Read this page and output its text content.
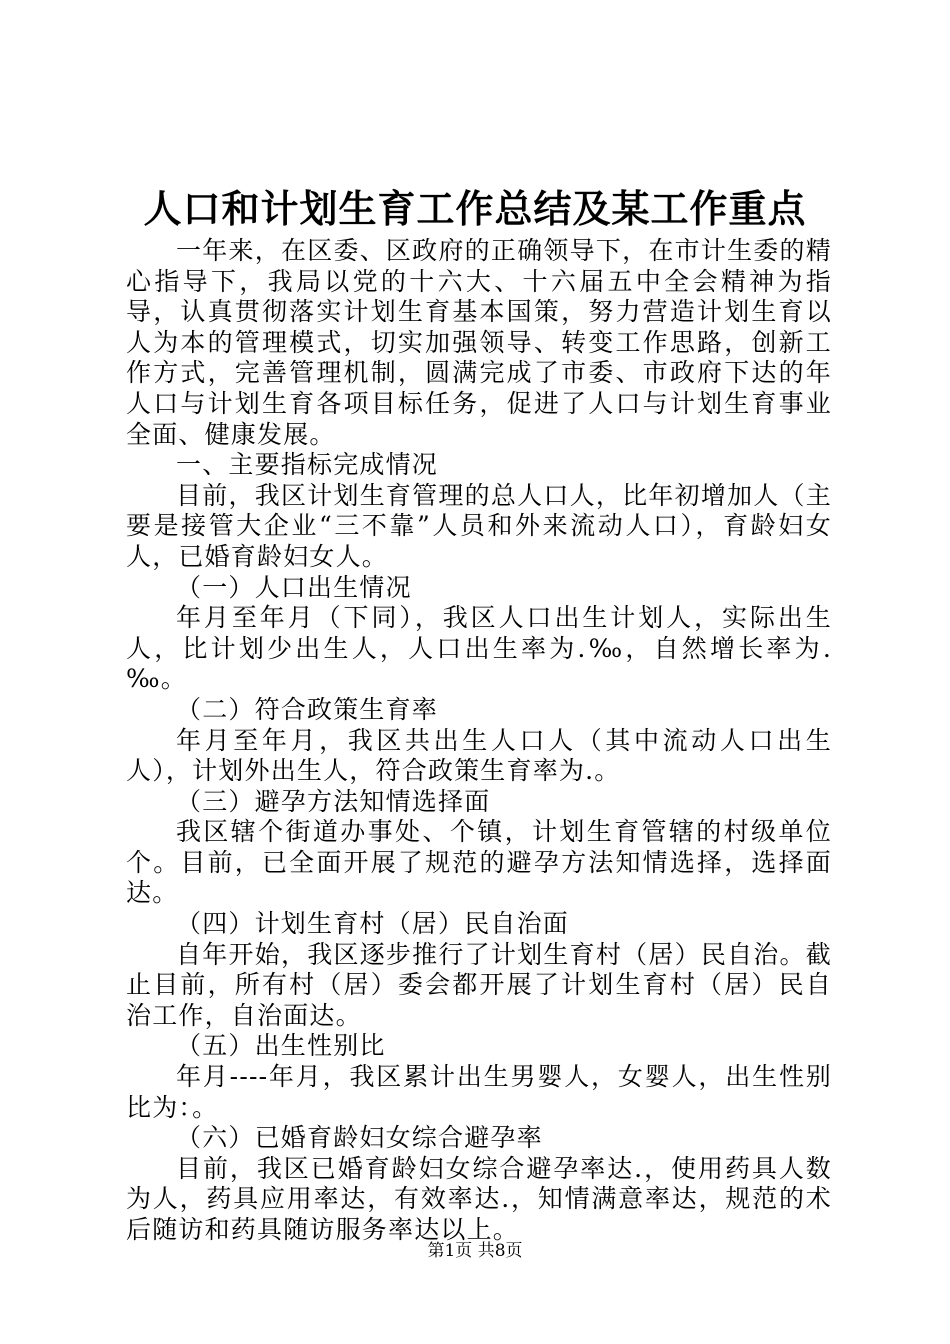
人口和计划生育工作总结及某工作重点

一年来，在区委、区政府的正确领导下，在市计生委的精心指导下，我局以党的十六大、十六届五中全会精神为指导，认真贯彻落实计划生育基本国策，努力营造计划生育以人为本的管理模式，切实加强领导、转变工作思路，创新工作方式，完善管理机制，圆满完成了市委、市政府下达的年人口与计划生育各项目标任务，促进了人口与计划生育事业全面、健康发展。

一、主要指标完成情况

目前，我区计划生育管理的总人口人，比年初增加人（主要是接管大企业“三不靠”人员和外来流动人口），育龄妇女人，已婚育龄妇女人。

（一）人口出生情况

年月至年月（下同），我区人口出生计划人，实际出生人，比计划少出生人，人口出生率为.‰，自然增长率为.‰。

（二）符合政策生育率

年月至年月，我区共出生人口人（其中流动人口出生人），计划外出生人，符合政策生育率为.。

（三）避孕方法知情选择面

我区辖个街道办事处、个镇，计划生育管辖的村级单位个。目前，已全面开展了规范的避孕方法知情选择，选择面达。

（四）计划生育村（居）民自治面

自年开始，我区逐步推行了计划生育村（居）民自治。截止目前，所有村（居）委会都开展了计划生育村（居）民自治工作，自治面达。

（五）出生性别比

年月----年月，我区累计出生男婴人，女婴人，出生性别比为：。

（六）已婚育龄妇女综合避孕率

目前，我区已婚育龄妇女综合避孕率达.，使用药具人数为人，药具应用率达，有效率达.，知情满意率达，规范的术后随访和药具随访服务率达以上。

第1页 共8页
